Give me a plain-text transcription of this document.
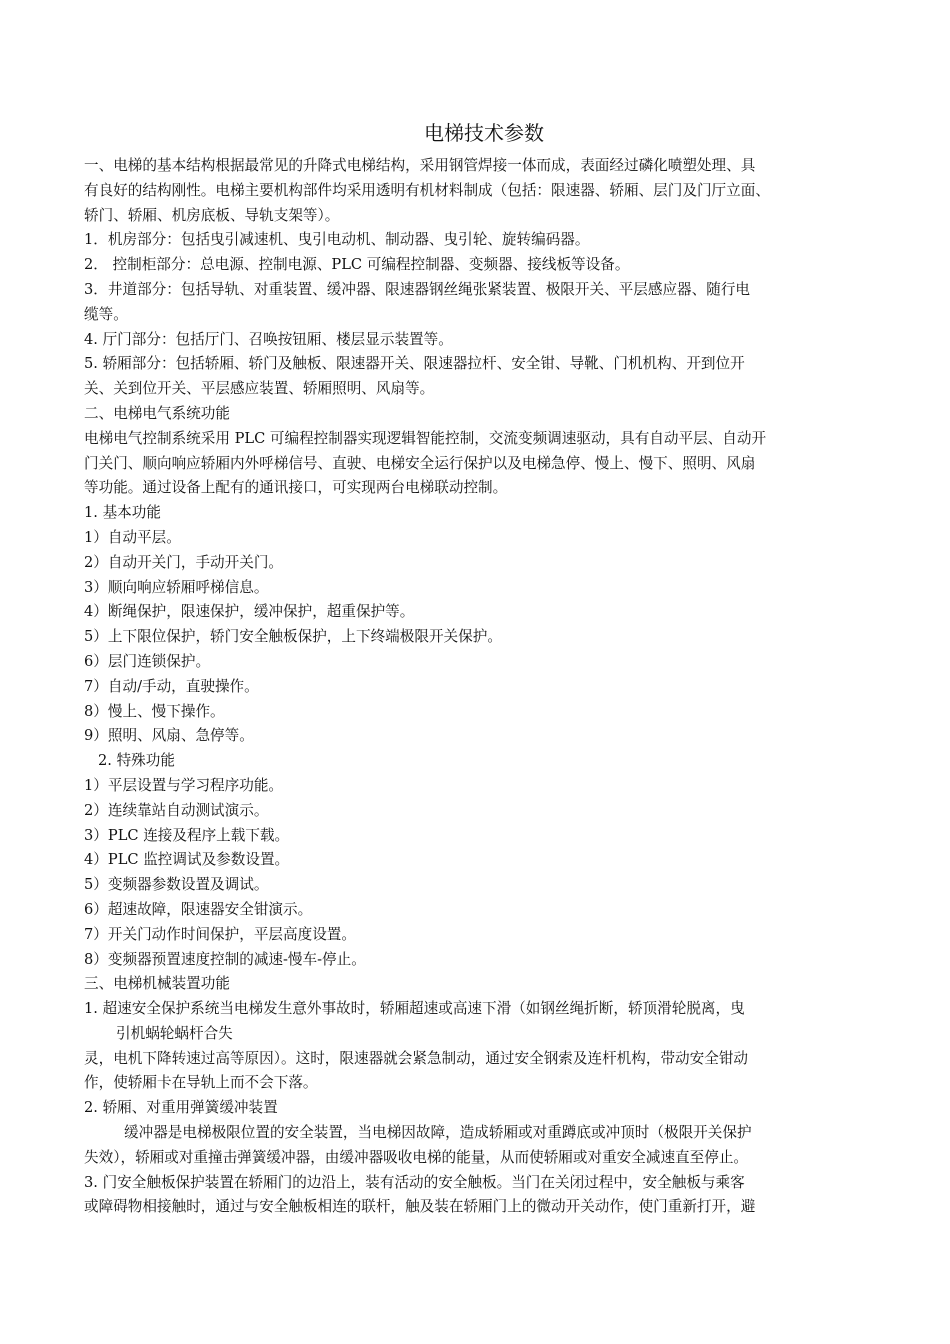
电梯技术参数

一、电梯的基本结构根据最常见的升降式电梯结构，采用钢管焊接一体而成，表面经过磷化喷塑处理、具

有良好的结构刚性。电梯主要机构部件均采用透明有机材料制成（包括：限速器、轿厢、层门及门厅立面、

轿门、轿厢、机房底板、导轨支架等）。

1．机房部分：包括曳引减速机、曳引电动机、制动器、曳引轮、旋转编码器。

2． 控制柜部分：总电源、控制电源、PLC 可编程控制器、变频器、接线板等设备。

3．井道部分：包括导轨、对重装置、缓冲器、限速器钢丝绳张紧装置、极限开关、平层感应器、随行电

缆等。

4. 厅门部分：包括厅门、召唤按钮厢、楼层显示装置等。

5. 轿厢部分：包括轿厢、轿门及触板、限速器开关、限速器拉杆、安全钳、导靴、门机机构、开到位开

关、关到位开关、平层感应装置、轿厢照明、风扇等。

二、电梯电气系统功能

电梯电气控制系统采用 PLC 可编程控制器实现逻辑智能控制，交流变频调速驱动，具有自动平层、自动开

门关门、顺向响应轿厢内外呼梯信号、直驶、电梯安全运行保护以及电梯急停、慢上、慢下、照明、风扇

等功能。通过设备上配有的通讯接口，可实现两台电梯联动控制。

1. 基本功能

1）自动平层。

2）自动开关门，手动开关门。

3）顺向响应轿厢呼梯信息。

4）断绳保护，限速保护，缓冲保护，超重保护等。

5）上下限位保护，轿门安全触板保护，上下终端极限开关保护。

6）层门连锁保护。

7）自动/手动，直驶操作。

8）慢上、慢下操作。

9）照明、风扇、急停等。

2. 特殊功能

1）平层设置与学习程序功能。

2）连续靠站自动测试演示。

3）PLC 连接及程序上载下载。

4）PLC 监控调试及参数设置。

5）变频器参数设置及调试。

6）超速故障，限速器安全钳演示。

7）开关门动作时间保护，平层高度设置。

8）变频器预置速度控制的减速-慢车-停止。

三、电梯机械装置功能

1. 超速安全保护系统当电梯发生意外事故时，轿厢超速或高速下滑（如钢丝绳折断，轿顶滑轮脱离，曳

引机蜗轮蜗杆合失

灵，电机下降转速过高等原因）。这时，限速器就会紧急制动，通过安全钢索及连杆机构，带动安全钳动

作，使轿厢卡在导轨上而不会下落。

2. 轿厢、对重用弹簧缓冲装置

缓冲器是电梯极限位置的安全装置，当电梯因故障，造成轿厢或对重蹲底或冲顶时（极限开关保护

失效），轿厢或对重撞击弹簧缓冲器，由缓冲器吸收电梯的能量，从而使轿厢或对重安全减速直至停止。

3. 门安全触板保护装置在轿厢门的边沿上，装有活动的安全触板。当门在关闭过程中，安全触板与乘客

或障碍物相接触时，通过与安全触板相连的联杆，触及装在轿厢门上的微动开关动作，使门重新打开，避
